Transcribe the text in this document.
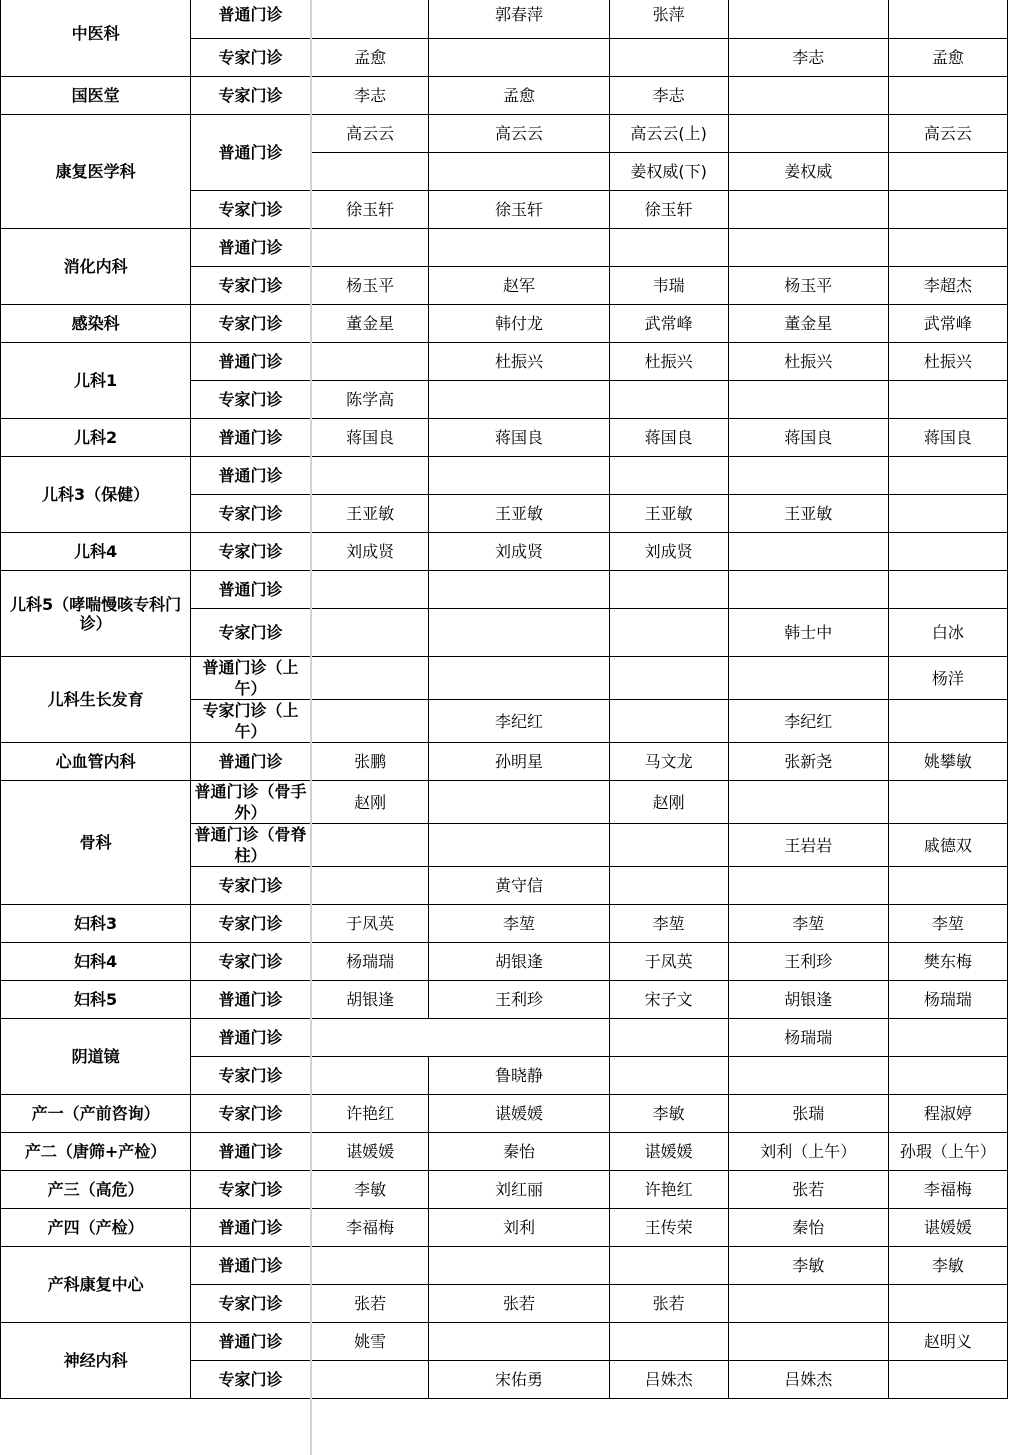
中医科	普通门诊		郭春萍	张萍		
	专家门诊	孟愈			李志	孟愈
国医堂	专家门诊	李志	孟愈	李志		
康复医学科	普通门诊	高云云	高云云	高云云(上)		高云云
				姜权威(下)	姜权威	
	专家门诊	徐玉轩	徐玉轩	徐玉轩		
消化内科	普通门诊					
	专家门诊	杨玉平	赵军	韦瑞	杨玉平	李超杰
感染科	专家门诊	董金星	韩付龙	武常峰	董金星	武常峰
儿科1	普通门诊		杜振兴	杜振兴	杜振兴	杜振兴
	专家门诊	陈学高				
儿科2	普通门诊	蒋国良	蒋国良	蒋国良	蒋国良	蒋国良
儿科3（保健）	普通门诊					
	专家门诊	王亚敏	王亚敏	王亚敏	王亚敏	
儿科4	专家门诊	刘成贤	刘成贤	刘成贤		
儿科5（哮喘慢咳专科门诊）	普通门诊					
	专家门诊				韩士中	白冰
儿科生长发育	普通门诊（上午）					杨洋

	专家门诊（上午）		李纪红		李纪红	
心血管内科	普通门诊	张鹏	孙明星	马文龙	张新尧	姚攀敏
骨科	普通门诊（骨手外）	赵刚		赵刚		

	普通门诊（骨脊柱）				王岩岩	戚德双
	专家门诊		黄守信			
妇科3	专家门诊	于凤英	李堃	李堃	李堃	李堃
妇科4	专家门诊	杨瑞瑞	胡银逢	于凤英	王利珍	樊东梅
妇科5	普通门诊	胡银逢	王利珍	宋子文	胡银逢	杨瑞瑞
阴道镜	普通门诊				杨瑞瑞	
	专家门诊		鲁晓静			
产一（产前咨询）	专家门诊	许艳红	谌媛媛	李敏	张瑞	程淑婷
产二（唐筛+产检）	普通门诊	谌媛媛	秦怡	谌媛媛	刘利（上午）	孙瑕（上午）
产三（高危）	专家门诊	李敏	刘红丽	许艳红	张若	李福梅
产四（产检）	普通门诊	李福梅	刘利	王传荣	秦怡	谌媛媛
产科康复中心	普通门诊				李敏	李敏
	专家门诊	张若	张若	张若		
神经内科	普通门诊	姚雪				赵明义
	专家门诊		宋佑勇	吕姝杰	吕姝杰	
